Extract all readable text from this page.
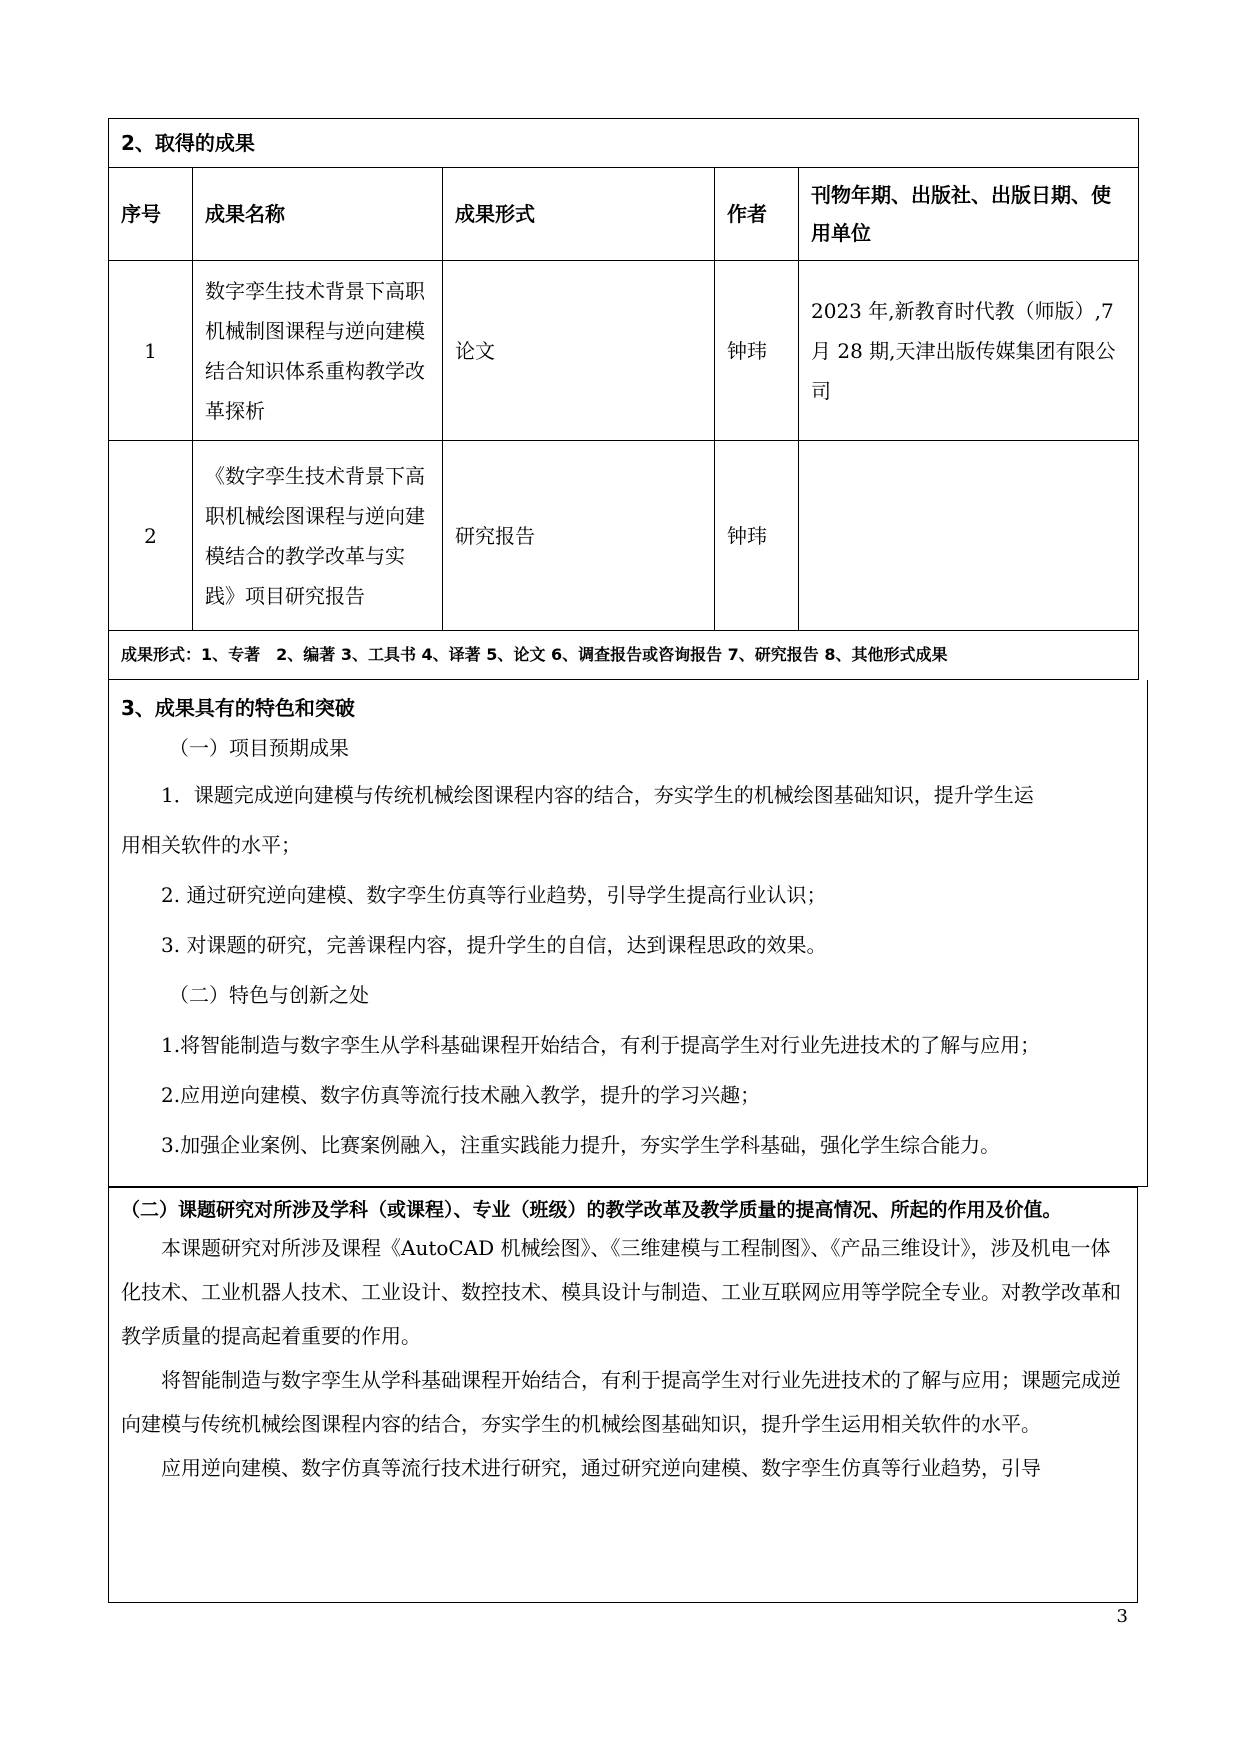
2、取得的成果				
序号	成果名称	成果形式	作者	刊物年期、出版社、出版日期、使用单位
1	数字孪生技术背景下高职机械制图课程与逆向建模结合知识体系重构教学改革探析	论文	钟玮	2023 年,新教育时代教（师版）,7 月 28 期,天津出版传媒集团有限公司
2	《数字孪生技术背景下高职机械绘图课程与逆向建模结合的教学改革与实践》项目研究报告	研究报告	钟玮	
成果形式：1、专著　2、编著 3、工具书 4、译著 5、论文 6、调查报告或咨询报告 7、研究报告 8、其他形式成果				
3、成果具有的特色和突破
（一）项目预期成果
1．课题完成逆向建模与传统机械绘图课程内容的结合，夯实学生的机械绘图基础知识，提升学生运
用相关软件的水平；
2. 通过研究逆向建模、数字孪生仿真等行业趋势，引导学生提高行业认识；
3. 对课题的研究，完善课程内容，提升学生的自信，达到课程思政的效果。
（二）特色与创新之处
1.将智能制造与数字孪生从学科基础课程开始结合，有利于提高学生对行业先进技术的了解与应用；
2.应用逆向建模、数字仿真等流行技术融入教学，提升的学习兴趣；
3.加强企业案例、比赛案例融入，注重实践能力提升，夯实学生学科基础，强化学生综合能力。
（二）课题研究对所涉及学科（或课程）、专业（班级）的教学改革及教学质量的提高情况、所起的作用及价值。

本课题研究对所涉及课程《AutoCAD 机械绘图》、《三维建模与工程制图》、《产品三维设计》，涉及机电一体化技术、工业机器人技术、工业设计、数控技术、模具设计与制造、工业互联网应用等学院全专业。对教学改革和教学质量的提高起着重要的作用。

将智能制造与数字孪生从学科基础课程开始结合，有利于提高学生对行业先进技术的了解与应用；课题完成逆向建模与传统机械绘图课程内容的结合，夯实学生的机械绘图基础知识，提升学生运用相关软件的水平。

应用逆向建模、数字仿真等流行技术进行研究，通过研究逆向建模、数字孪生仿真等行业趋势，引导

3
